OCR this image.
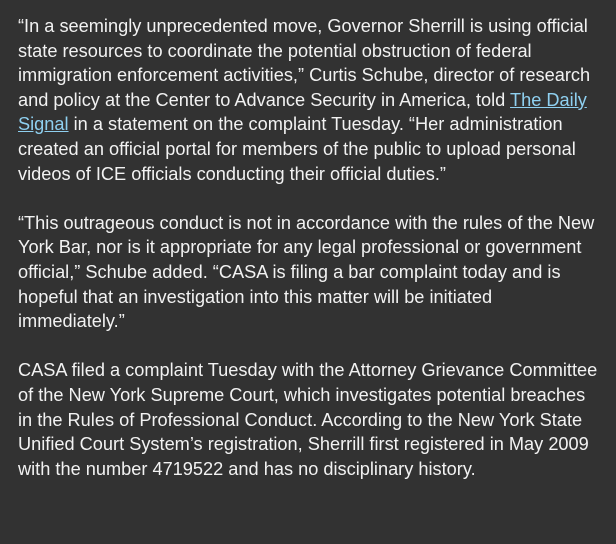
“In a seemingly unprecedented move, Governor Sherrill is using official state resources to coordinate the potential obstruction of federal immigration enforcement activities,” Curtis Schube, director of research and policy at the Center to Advance Security in America, told The Daily Signal in a statement on the complaint Tuesday. “Her administration created an official portal for members of the public to upload personal videos of ICE officials conducting their official duties.”

“This outrageous conduct is not in accordance with the rules of the New York Bar, nor is it appropriate for any legal professional or government official,” Schube added. “CASA is filing a bar complaint today and is hopeful that an investigation into this matter will be initiated immediately.”

CASA filed a complaint Tuesday with the Attorney Grievance Committee of the New York Supreme Court, which investigates potential breaches in the Rules of Professional Conduct. According to the New York State Unified Court System’s registration, Sherrill first registered in May 2009 with the number 4719522 and has no disciplinary history.
